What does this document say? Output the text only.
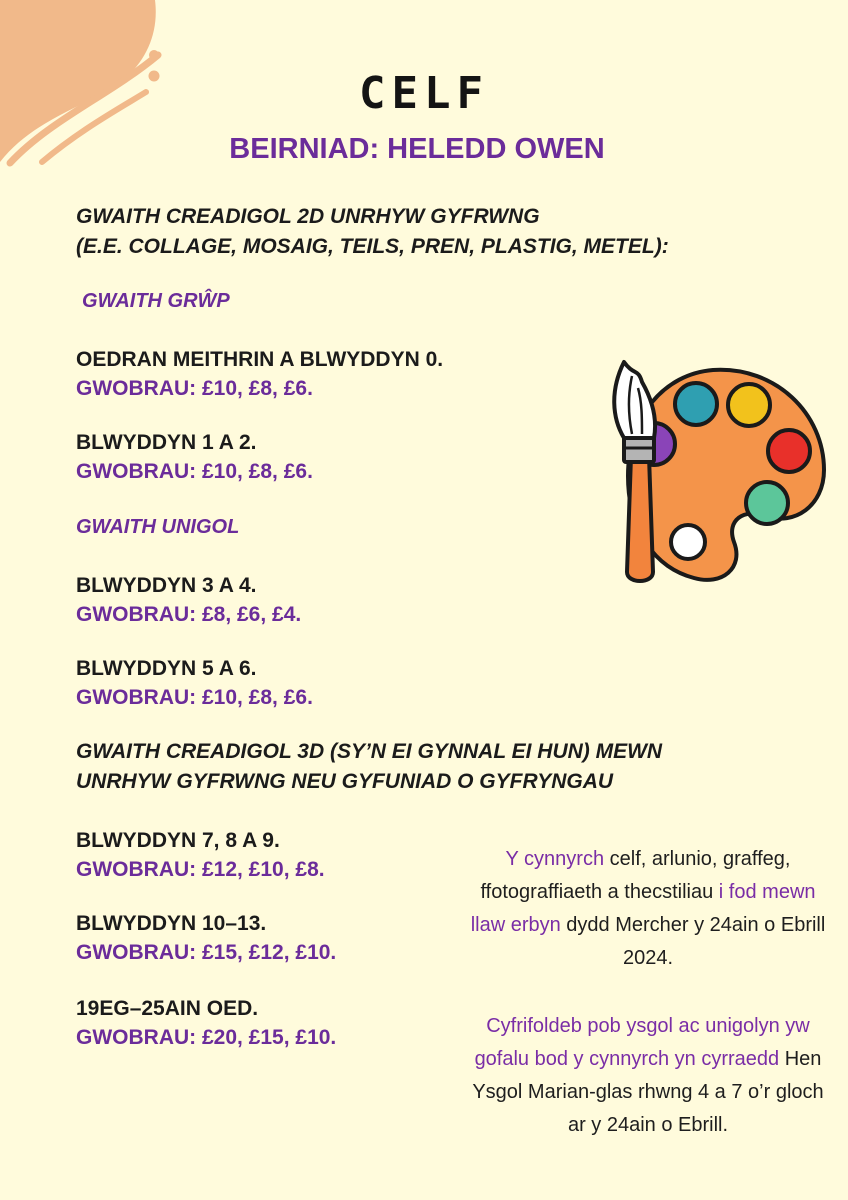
CELF
BEIRNIAD: HELEDD OWEN
GWAITH CREADIGOL 2D UNRHYW GYFRWNG
(E.E. COLLAGE, MOSAIG, TEILS, PREN, PLASTIG, METEL):
GWAITH GRŴP
OEDRAN MEITHRIN A BLWYDDYN 0.
GWOBRAU: £10, £8, £6.
BLWYDDYN 1 A 2.
GWOBRAU: £10, £8, £6.
GWAITH UNIGOL
BLWYDDYN 3 A 4.
GWOBRAU: £8, £6, £4.
BLWYDDYN 5 A 6.
GWOBRAU: £10, £8, £6.
GWAITH CREADIGOL 3D (SY’N EI GYNNAL EI HUN) MEWN
UNRHYW GYFRWNG NEU GYFUNIAD O GYFRYNGAU
BLWYDDYN 7, 8 A 9.
GWOBRAU: £12, £10, £8.
BLWYDDYN 10–13.
GWOBRAU: £15, £12, £10.
19EG–25AIN OED.
GWOBRAU: £20, £15, £10.
Y cynnyrch celf, arlunio, graffeg, ffotograffiaeth a thecstiliau i fod mewn llaw erbyn dydd Mercher y 24ain o Ebrill 2024.
Cyfrifoldeb pob ysgol ac unigolyn yw gofalu bod y cynnyrch yn cyrraedd Hen Ysgol Marian-glas rhwng 4 a 7 o’r gloch ar y 24ain o Ebrill.
